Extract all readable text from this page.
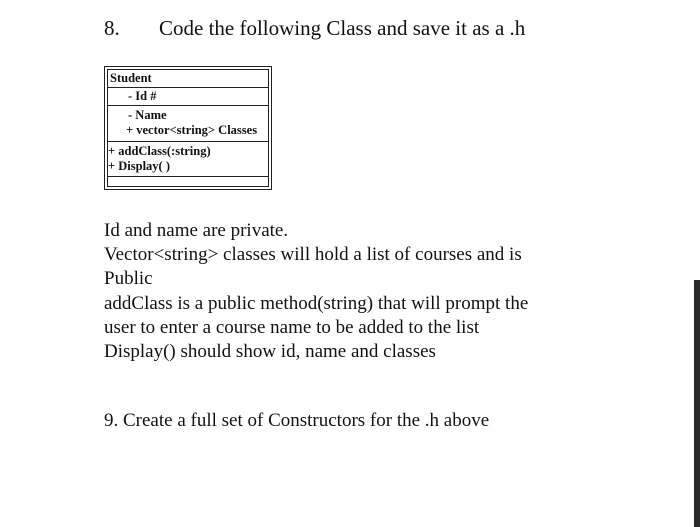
8. Code the following Class and save it as a .h
Student
- Id #
- Name
+ vector<string> Classes
+ addClass(:string)
+ Display( )
Id and name are private.
Vector<string> classes will hold a list of courses and is
Public
addClass is a public method(string) that will prompt the
user to enter a course name to be added to the list
Display() should show id, name and classes
9. Create a full set of Constructors for the .h above
